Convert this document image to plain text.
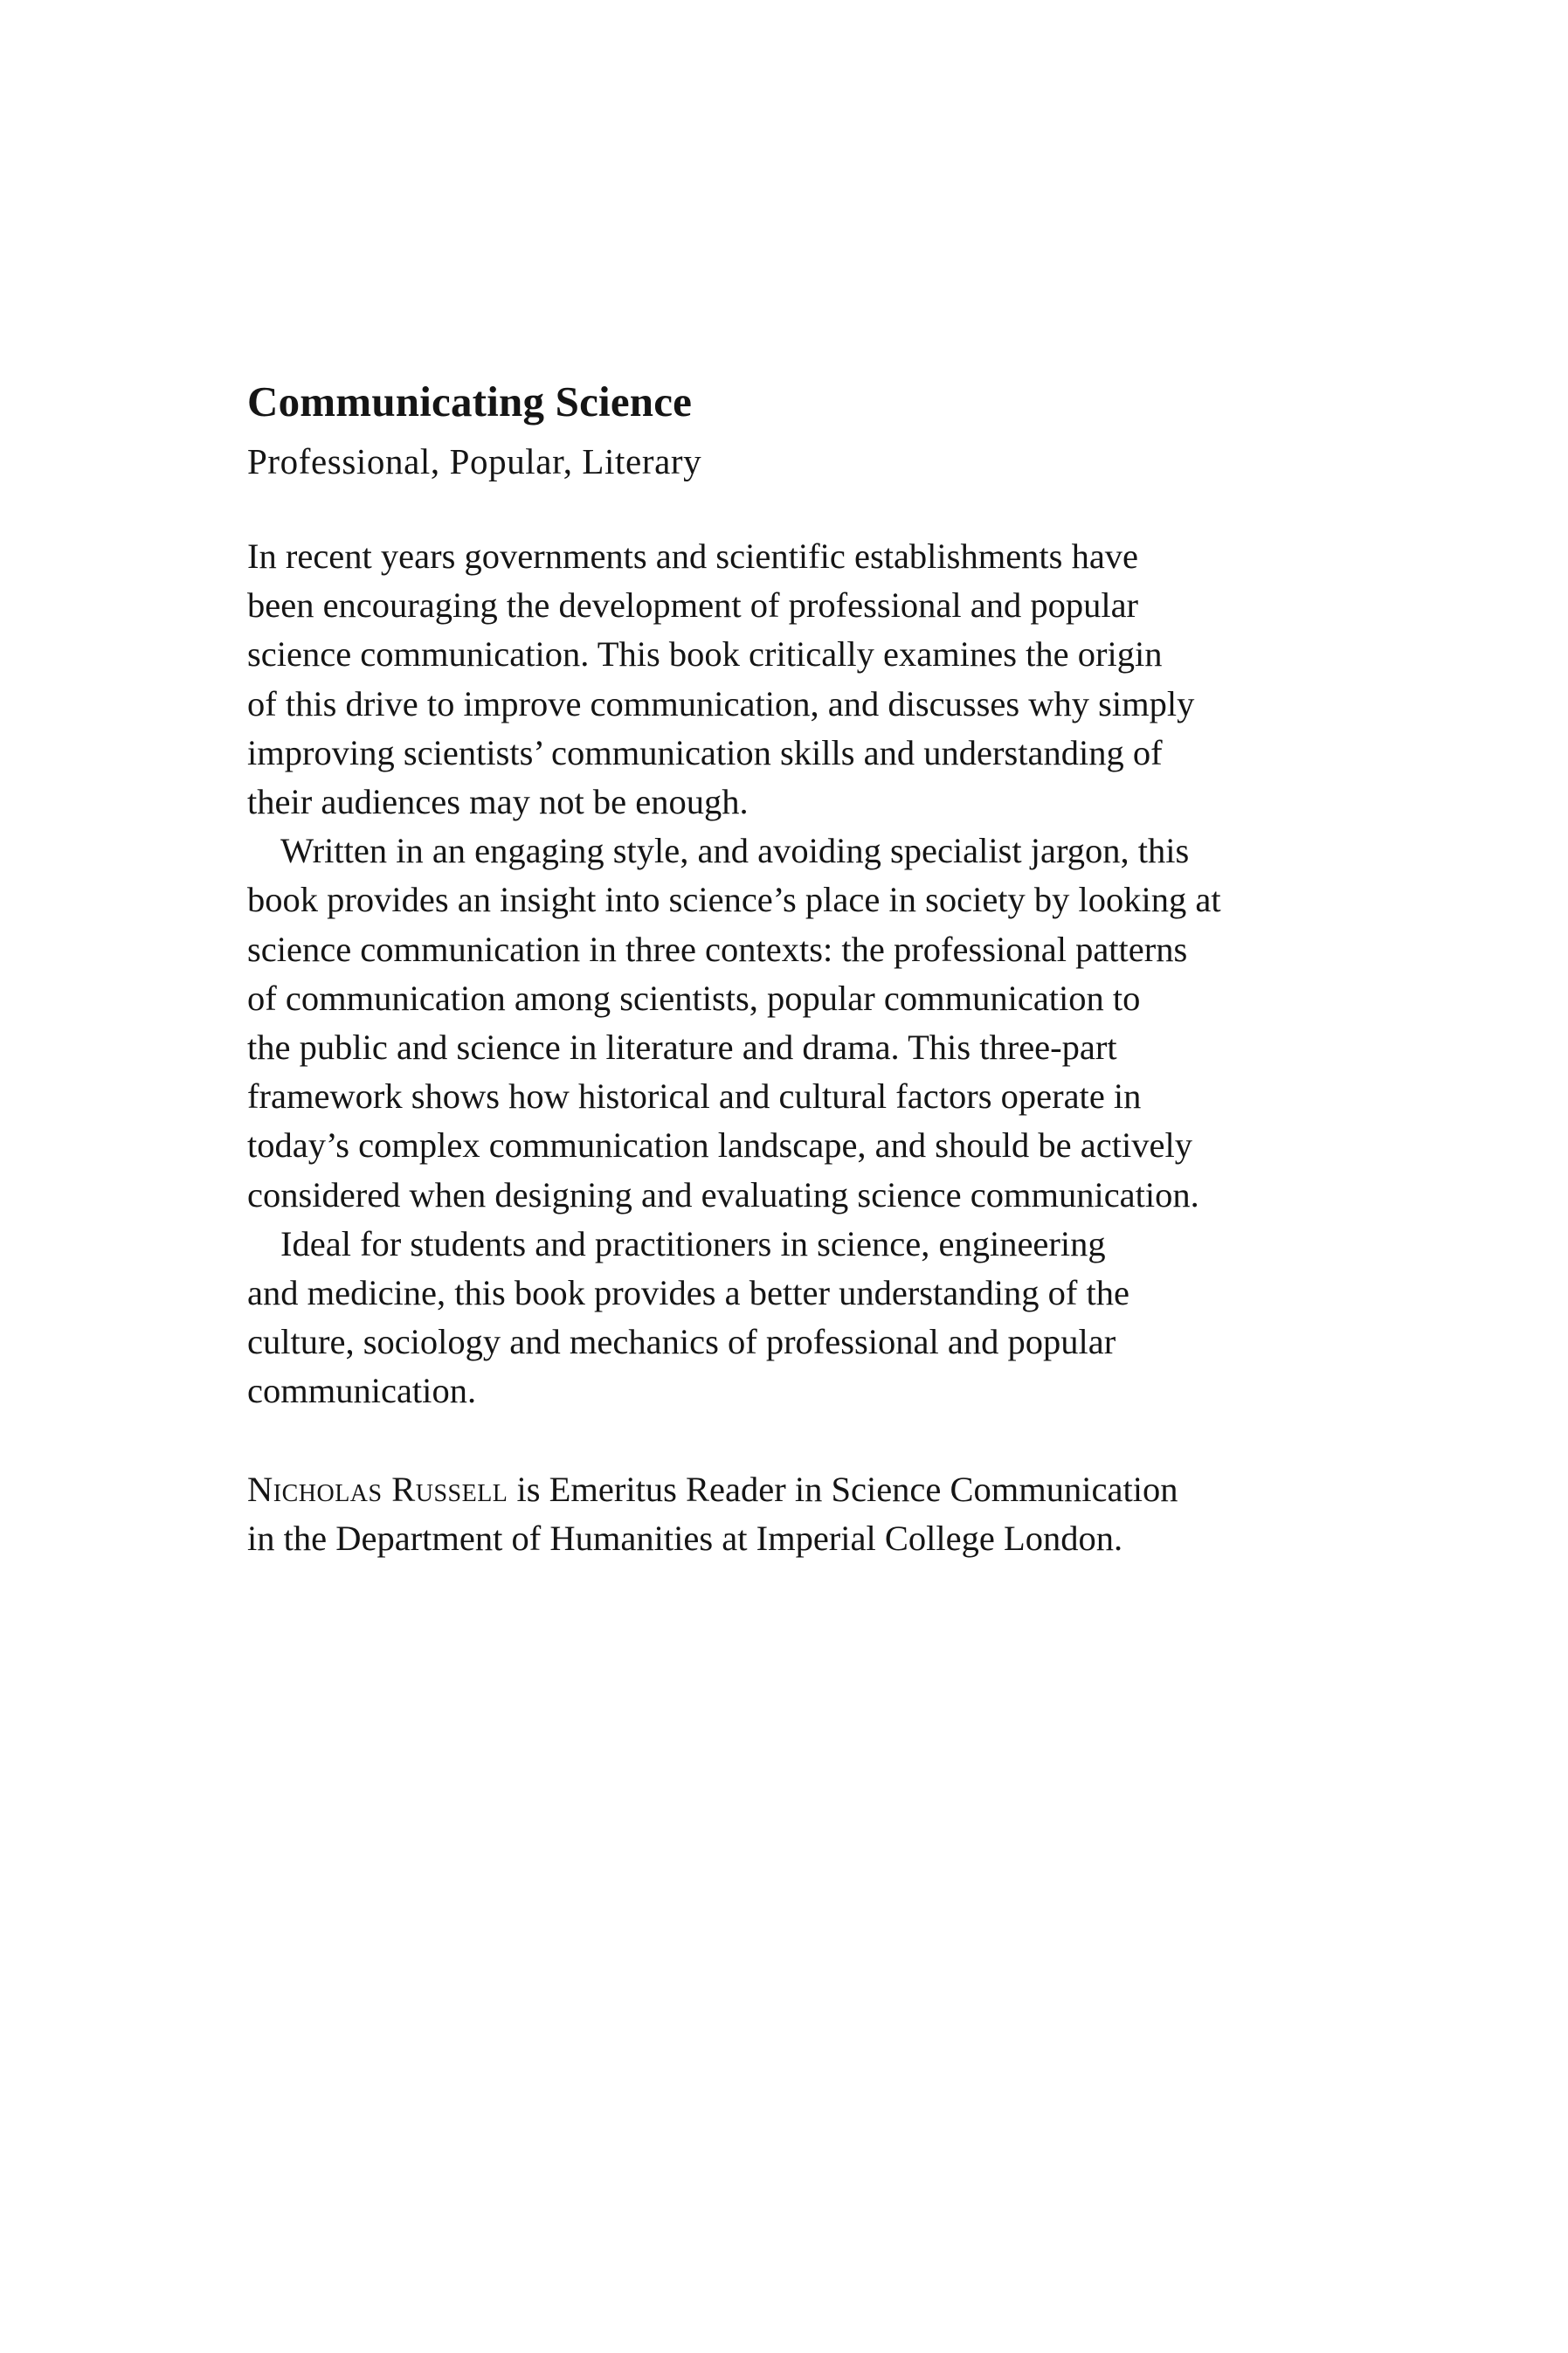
Communicating Science
Professional, Popular, Literary
In recent years governments and scientific establishments have
been encouraging the development of professional and popular
science communication. This book critically examines the origin
of this drive to improve communication, and discusses why simply
improving scientists’ communication skills and understanding of
their audiences may not be enough.
Written in an engaging style, and avoiding specialist jargon, this
book provides an insight into science’s place in society by looking at
science communication in three contexts: the professional patterns
of communication among scientists, popular communication to
the public and science in literature and drama. This three-part
framework shows how historical and cultural factors operate in
today’s complex communication landscape, and should be actively
considered when designing and evaluating science communication.
Ideal for students and practitioners in science, engineering
and medicine, this book provides a better understanding of the
culture, sociology and mechanics of professional and popular
communication.
Nicholas Russell is Emeritus Reader in Science Communication
in the Department of Humanities at Imperial College London.
